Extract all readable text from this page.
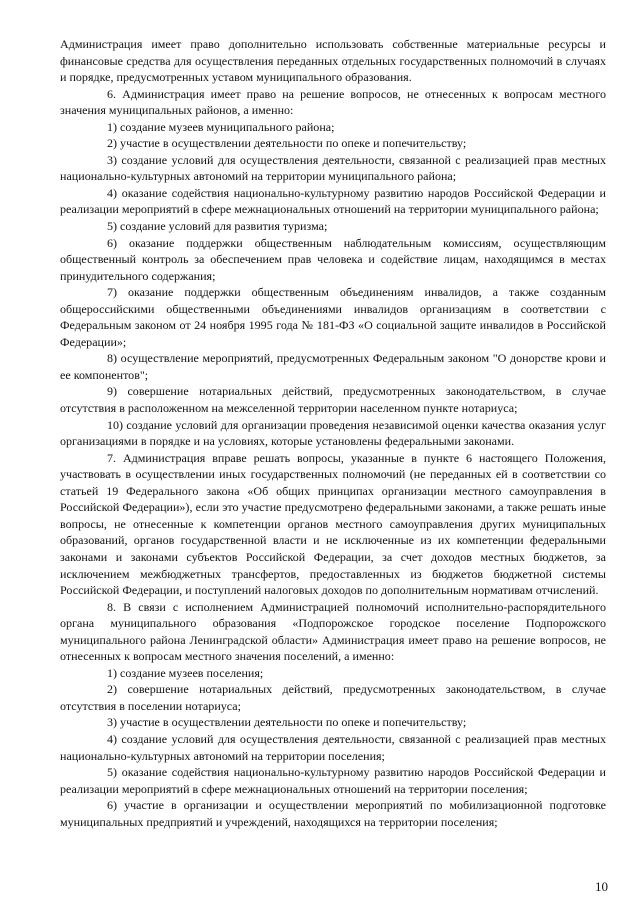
Администрация имеет право дополнительно использовать собственные материальные ресурсы и финансовые средства для осуществления переданных отдельных государственных полномочий в случаях и порядке, предусмотренных уставом муниципального образования.

6. Администрация имеет право на решение вопросов, не отнесенных к вопросам местного значения муниципальных районов, а именно:

1) создание музеев муниципального района;

2) участие в осуществлении деятельности по опеке и попечительству;

3) создание условий для осуществления деятельности, связанной с реализацией прав местных национально-культурных автономий на территории муниципального района;

4) оказание содействия национально-культурному развитию народов Российской Федерации и реализации мероприятий в сфере межнациональных отношений на территории муниципального района;

5) создание условий для развития туризма;

6) оказание поддержки общественным наблюдательным комиссиям, осуществляющим общественный контроль за обеспечением прав человека и содействие лицам, находящимся в местах принудительного содержания;

7) оказание поддержки общественным объединениям инвалидов, а также созданным общероссийскими общественными объединениями инвалидов организациям в соответствии с Федеральным законом от 24 ноября 1995 года № 181-ФЗ «О социальной защите инвалидов в Российской Федерации»;

8) осуществление мероприятий, предусмотренных Федеральным законом "О донорстве крови и ее компонентов";

9) совершение нотариальных действий, предусмотренных законодательством, в случае отсутствия в расположенном на межселенной территории населенном пункте нотариуса;

10) создание условий для организации проведения независимой оценки качества оказания услуг организациями в порядке и на условиях, которые установлены федеральными законами.

7. Администрация вправе решать вопросы, указанные в пункте 6 настоящего Положения, участвовать в осуществлении иных государственных полномочий (не переданных ей в соответствии со статьей 19 Федерального закона «Об общих принципах организации местного самоуправления в Российской Федерации»), если это участие предусмотрено федеральными законами, а также решать иные вопросы, не отнесенные к компетенции органов местного самоуправления других муниципальных образований, органов государственной власти и не исключенные из их компетенции федеральными законами и законами субъектов Российской Федерации, за счет доходов местных бюджетов, за исключением межбюджетных трансфертов, предоставленных из бюджетов бюджетной системы Российской Федерации, и поступлений налоговых доходов по дополнительным нормативам отчислений.

8. В связи с исполнением Администрацией полномочий исполнительно-распорядительного органа муниципального образования «Подпорожское городское поселение Подпорожского муниципального района Ленинградской области» Администрация имеет право на решение вопросов, не отнесенных к вопросам местного значения поселений, а именно:

1) создание музеев поселения;

2) совершение нотариальных действий, предусмотренных законодательством, в случае отсутствия в поселении нотариуса;

3) участие в осуществлении деятельности по опеке и попечительству;

4) создание условий для осуществления деятельности, связанной с реализацией прав местных национально-культурных автономий на территории поселения;

5) оказание содействия национально-культурному развитию народов Российской Федерации и реализации мероприятий в сфере межнациональных отношений на территории поселения;

6) участие в организации и осуществлении мероприятий по мобилизационной подготовке муниципальных предприятий и учреждений, находящихся на территории поселения;

10
